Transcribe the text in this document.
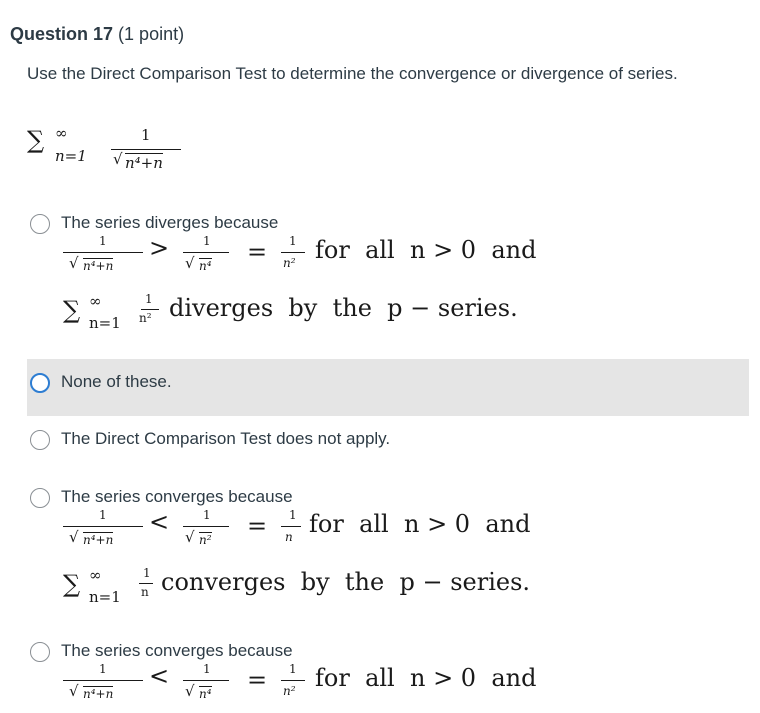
Question 17 (1 point)
Use the Direct Comparison Test to determine the convergence or divergence of series.
∑ ∞
n=1
1
√ n⁴+n
The series diverges because
1
√ n⁴+n
>	1
√ n⁴ = 1
n² for  all  n > 0  and
∑ ∞
n=1
1
n² diverges  by  the  p − series.
None of these.
The Direct Comparison Test does not apply.
The series converges because
1
√ n⁴+n
<	1
√ n² = 1
n for  all  n > 0  and
∑ ∞
n=1
1
n converges  by  the  p − series.
The series converges because
1
√ n⁴+n
<	1
√ n⁴ = 1
n² for  all  n > 0  and
